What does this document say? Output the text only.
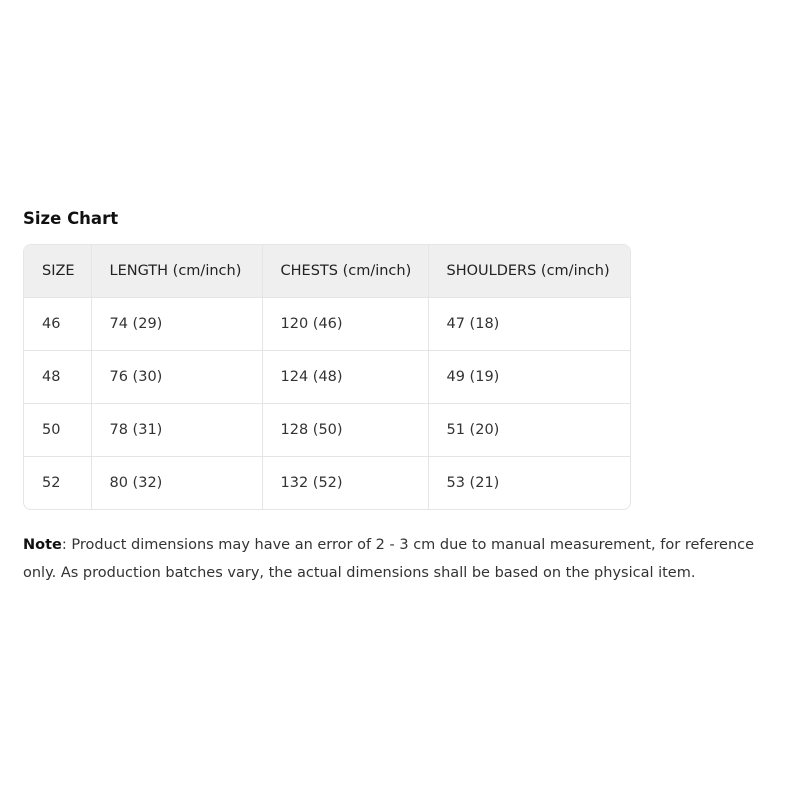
Size Chart
SIZE	LENGTH (cm/inch)	CHESTS (cm/inch)	SHOULDERS (cm/inch)
46	74 (29)	120 (46)	47 (18)
48	76 (30)	124 (48)	49 (19)
50	78 (31)	128 (50)	51 (20)
52	80 (32)	132 (52)	53 (21)
Note: Product dimensions may have an error of 2 - 3 cm due to manual measurement, for reference only. As production batches vary, the actual dimensions shall be based on the physical item.
